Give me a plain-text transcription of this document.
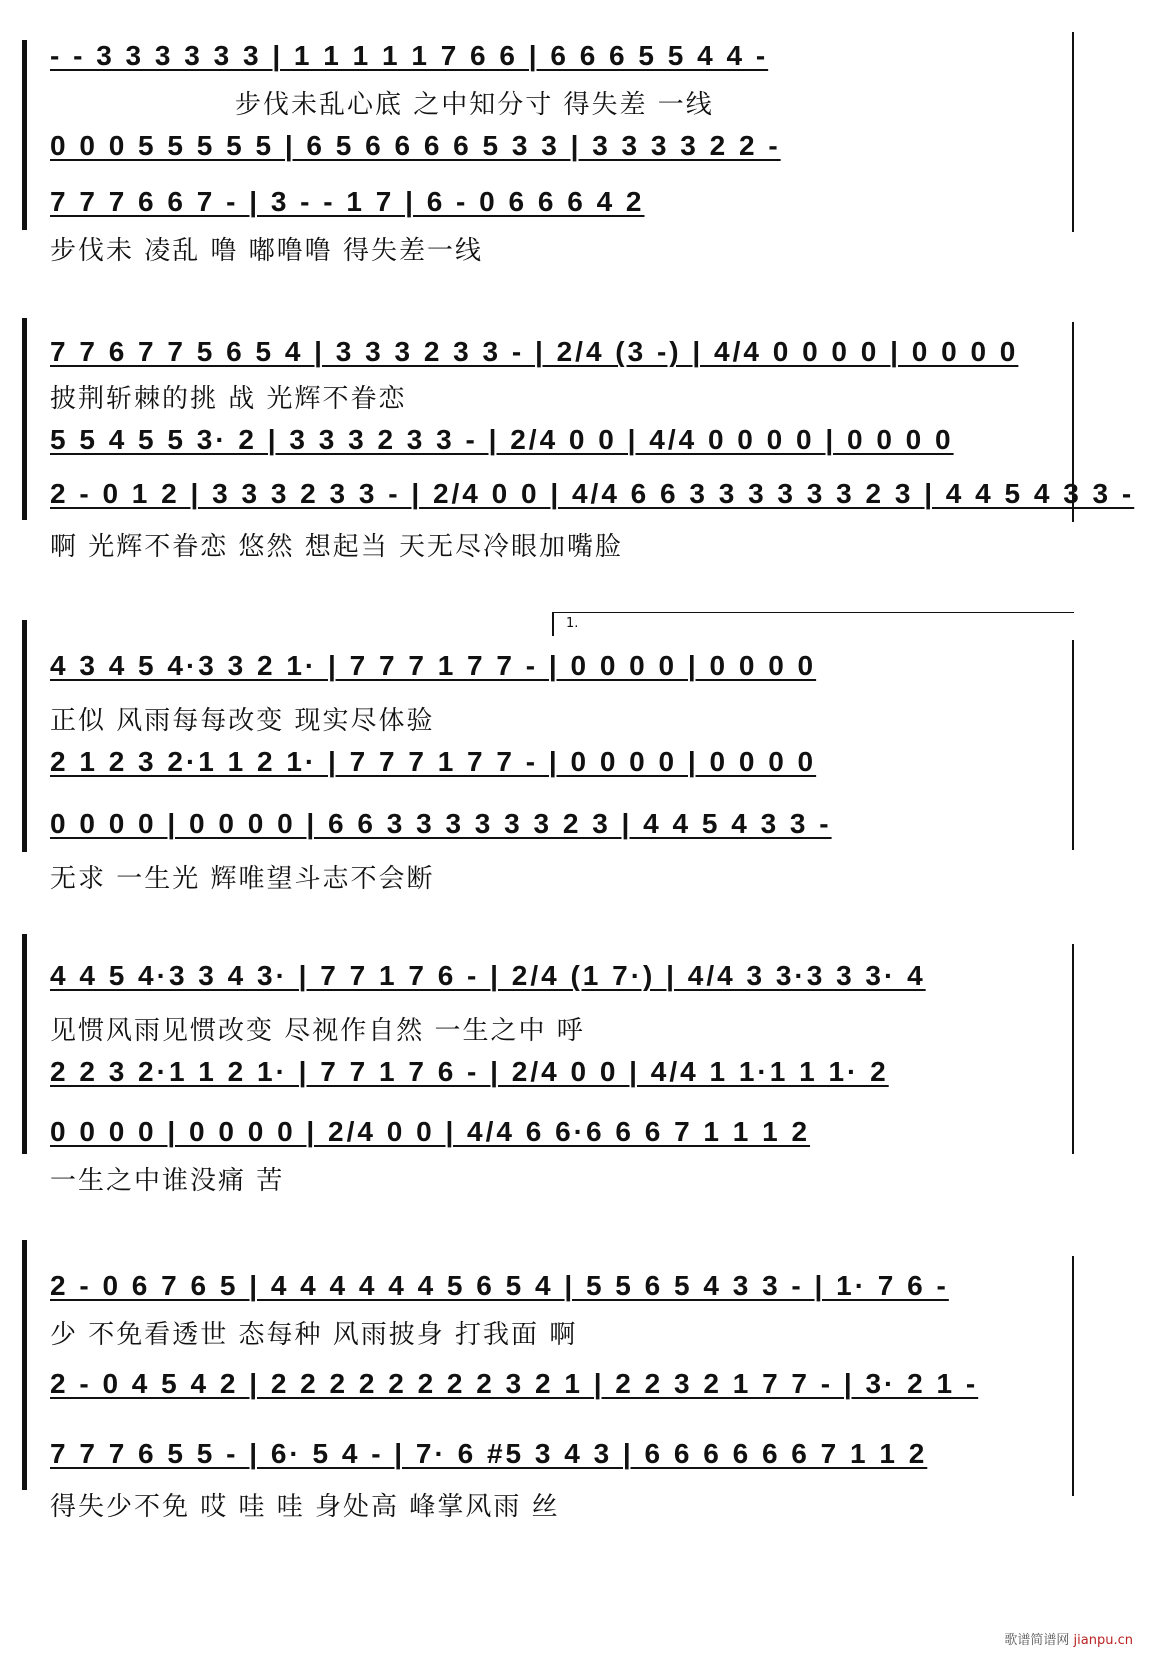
- - 3 3 3 3 3 3 | 1 1 1 1 1 7 6 6 | 6 6 6 5 5 4 4 -
步伐未乱心底 之中知分寸 得失差 一线
0 0 0 5 5 5 5 5 | 6 5 6 6 6 6 5 3 3 | 3 3 3 3 2 2 -
7 7 7 6 6 7 - | 3 - - 1 7 | 6 - 0 6 6 6 4 2
步伐未 凌乱 噜 嘟噜噜 得失差一线
7 7 6 7 7 5 6 5 4 | 3 3 3 2 3 3 - | 2/4 (3 -) | 4/4 0 0 0 0 | 0 0 0 0
披荆斩棘的挑 战 光辉不眷恋
5 5 4 5 5 3· 2 | 3 3 3 2 3 3 - | 2/4 0 0 | 4/4 0 0 0 0 | 0 0 0 0
2 - 0 1 2 | 3 3 3 2 3 3 - | 2/4 0 0 | 4/4 6 6 3 3 3 3 3 3 2 3 | 4 4 5 4 3 3 -
啊 光辉不眷恋 悠然 想起当 天无尽冷眼加嘴脸
1.
4 3 4 5 4·3 3 2 1· | 7 7 7 1 7 7 - | 0 0 0 0 | 0 0 0 0
正似 风雨每每改变 现实尽体验
2 1 2 3 2·1 1 2 1· | 7 7 7 1 7 7 - | 0 0 0 0 | 0 0 0 0
0 0 0 0 | 0 0 0 0 | 6 6 3 3 3 3 3 3 2 3 | 4 4 5 4 3 3 -
无求 一生光 辉唯望斗志不会断
4 4 5 4·3 3 4 3· | 7 7 1 7 6 - | 2/4 (1 7·) | 4/4 3 3·3 3 3· 4
见惯风雨见惯改变 尽视作自然 一生之中 呼
2 2 3 2·1 1 2 1· | 7 7 1 7 6 - | 2/4 0 0 | 4/4 1 1·1 1 1· 2
0 0 0 0 | 0 0 0 0 | 2/4 0 0 | 4/4 6 6·6 6 6 7 1 1 1 2
一生之中谁没痛 苦
2 - 0 6 7 6 5 | 4 4 4 4 4 4 5 6 5 4 | 5 5 6 5 4 3 3 - | 1· 7 6 -
少 不免看透世 态每种 风雨披身 打我面 啊
2 - 0 4 5 4 2 | 2 2 2 2 2 2 2 2 3 2 1 | 2 2 3 2 1 7 7 - | 3· 2 1 -
7 7 7 6 5 5 - | 6· 5 4 - | 7· 6 #5 3 4 3 | 6 6 6 6 6 6 7 1 1 2
得失少不免 哎 哇 哇 身处高 峰掌风雨 丝
歌谱简谱网 jianpu.cn
